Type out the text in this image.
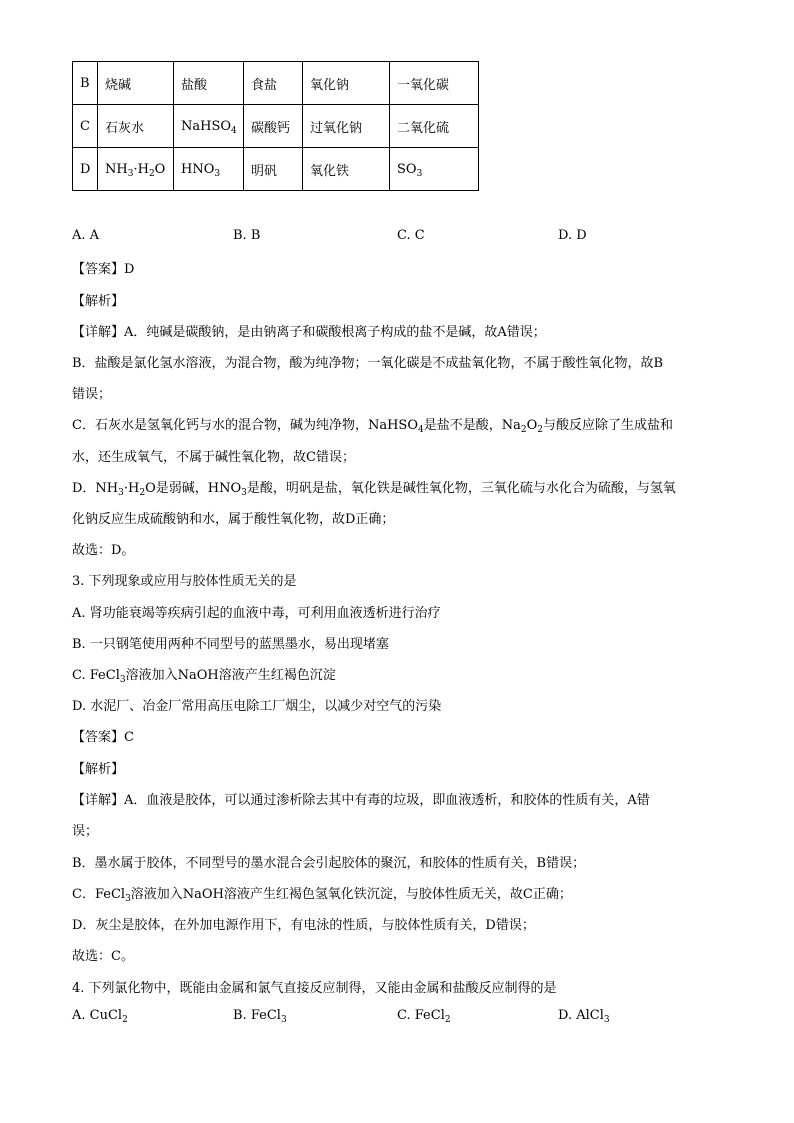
B	烧碱	盐酸	食盐	氧化钠	一氧化碳
C	石灰水	NaHSO$_4$	碳酸钙	过氧化钠	二氧化硫
D	$NH_3\cdot H_2O$	$HNO_3$	明矾	氧化铁	$SO_3$
A. A	B. B	C. C	D. D
【答案】D
【解析】
【详解】A．纯碱是碳酸钠，是由钠离子和碳酸根离子构成的盐不是碱，故A错误；
B．盐酸是氯化氢水溶液，为混合物，酸为纯净物；一氧化碳是不成盐氧化物，不属于酸性氧化物，故B
错误；
C．石灰水是氢氧化钙与水的混合物，碱为纯净物，NaHSO$_4$是盐不是酸，$Na_2O_2$与酸反应除了生成盐和
水，还生成氧气，不属于碱性氧化物，故C错误；
D．$NH_3\cdot H_2O$是弱碱，$HNO_3$是酸，明矾是盐，氧化铁是碱性氧化物，三氧化硫与水化合为硫酸，与氢氧
化钠反应生成硫酸钠和水，属于酸性氧化物，故D正确；
故选：D。
3. 下列现象或应用与胶体性质无关的是
A. 肾功能衰竭等疾病引起的血液中毒，可利用血液透析进行治疗
B. 一只钢笔使用两种不同型号的蓝黑墨水，易出现堵塞
C. FeCl$_3$溶液加入NaOH溶液产生红褐色沉淀
D. 水泥厂、冶金厂常用高压电除工厂烟尘，以减少对空气的污染
【答案】C
【解析】
【详解】A．血液是胶体，可以通过渗析除去其中有毒的垃圾，即血液透析，和胶体的性质有关，A错
误；
B．墨水属于胶体，不同型号的墨水混合会引起胶体的聚沉，和胶体的性质有关，B错误；
C．FeCl$_3$溶液加入NaOH溶液产生红褐色氢氧化铁沉淀，与胶体性质无关，故C正确；
D．灰尘是胶体，在外加电源作用下，有电泳的性质，与胶体性质有关，D错误；
故选：C。
4. 下列氯化物中，既能由金属和氯气直接反应制得，又能由金属和盐酸反应制得的是
A. CuCl$_2$	B. FeCl$_3$	C. FeCl$_2$	D. AlCl$_3$
